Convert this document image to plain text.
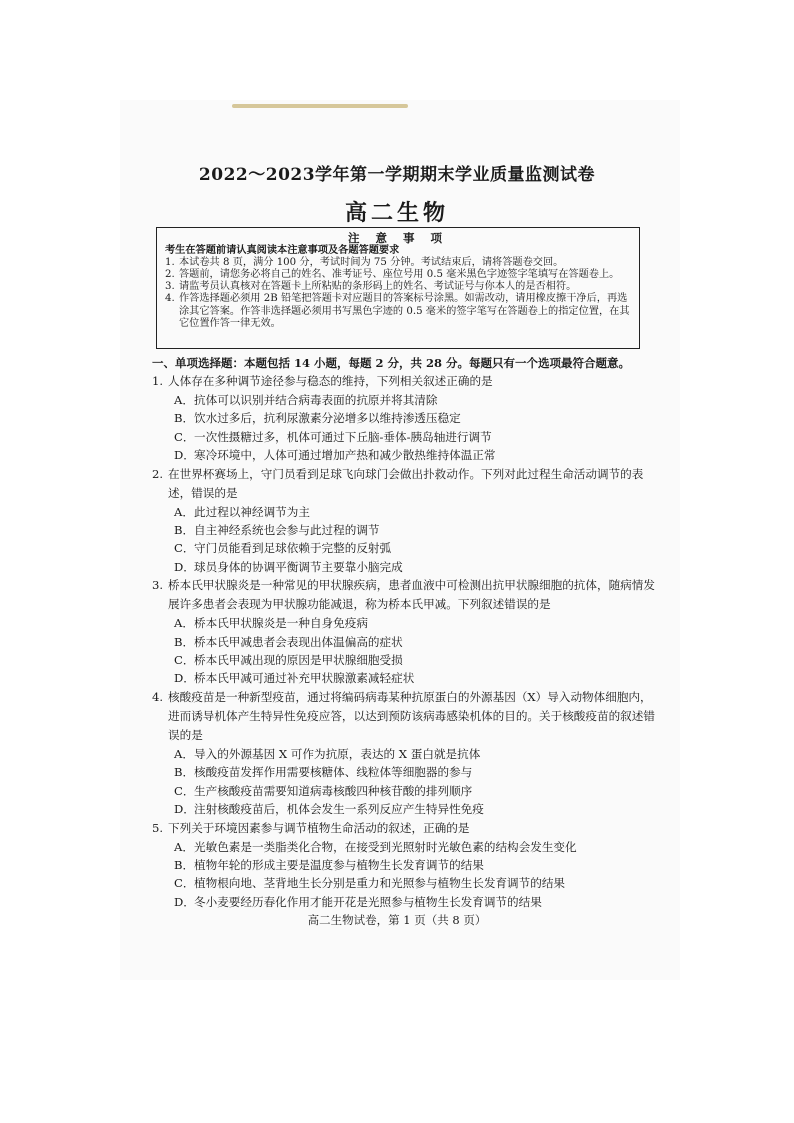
2022～2023学年第一学期期末学业质量监测试卷
高二生物
注 意 事 项
考生在答题前请认真阅读本注意事项及各题答题要求
1. 本试卷共 8 页，满分 100 分，考试时间为 75 分钟。考试结束后，请将答题卷交回。
2. 答题前，请您务必将自己的姓名、准考证号、座位号用 0.5 毫米黑色字迹签字笔填写在答题卷上。
3. 请监考员认真核对在答题卡上所粘贴的条形码上的姓名、考试证号与你本人的是否相符。
4. 作答选择题必须用 2B 铅笔把答题卡对应题目的答案标号涂黑。如需改动，请用橡皮擦干净后，再选涂其它答案。作答非选择题必须用书写黑色字迹的 0.5 毫米的签字笔写在答题卷上的指定位置，在其它位置作答一律无效。
一、单项选择题：本题包括 14 小题，每题 2 分，共 28 分。每题只有一个选项最符合题意。
1. 人体存在多种调节途径参与稳态的维持，下列相关叙述正确的是
A． 抗体可以识别并结合病毒表面的抗原并将其清除
B． 饮水过多后，抗利尿激素分泌增多以维持渗透压稳定
C． 一次性摄糖过多，机体可通过下丘脑-垂体-胰岛轴进行调节
D． 寒冷环境中，人体可通过增加产热和减少散热维持体温正常
2. 在世界杯赛场上，守门员看到足球飞向球门会做出扑救动作。下列对此过程生命活动调节的表述，错误的是
A． 此过程以神经调节为主
B． 自主神经系统也会参与此过程的调节
C． 守门员能看到足球依赖于完整的反射弧
D． 球员身体的协调平衡调节主要靠小脑完成
3. 桥本氏甲状腺炎是一种常见的甲状腺疾病，患者血液中可检测出抗甲状腺细胞的抗体，随病情发展许多患者会表现为甲状腺功能减退，称为桥本氏甲减。下列叙述错误的是
A． 桥本氏甲状腺炎是一种自身免疫病
B． 桥本氏甲减患者会表现出体温偏高的症状
C． 桥本氏甲减出现的原因是甲状腺细胞受损
D． 桥本氏甲减可通过补充甲状腺激素减轻症状
4. 核酸疫苗是一种新型疫苗，通过将编码病毒某种抗原蛋白的外源基因（X）导入动物体细胞内，进而诱导机体产生特异性免疫应答，以达到预防该病毒感染机体的目的。关于核酸疫苗的叙述错误的是
A． 导入的外源基因 X 可作为抗原，表达的 X 蛋白就是抗体
B． 核酸疫苗发挥作用需要核糖体、线粒体等细胞器的参与
C． 生产核酸疫苗需要知道病毒核酸四种核苷酸的排列顺序
D． 注射核酸疫苗后，机体会发生一系列反应产生特异性免疫
5. 下列关于环境因素参与调节植物生命活动的叙述，正确的是
A． 光敏色素是一类脂类化合物，在接受到光照射时光敏色素的结构会发生变化
B． 植物年轮的形成主要是温度参与植物生长发育调节的结果
C． 植物根向地、茎背地生长分别是重力和光照参与植物生长发育调节的结果
D． 冬小麦要经历春化作用才能开花是光照参与植物生长发育调节的结果
高二生物试卷，第 1 页（共 8 页）
